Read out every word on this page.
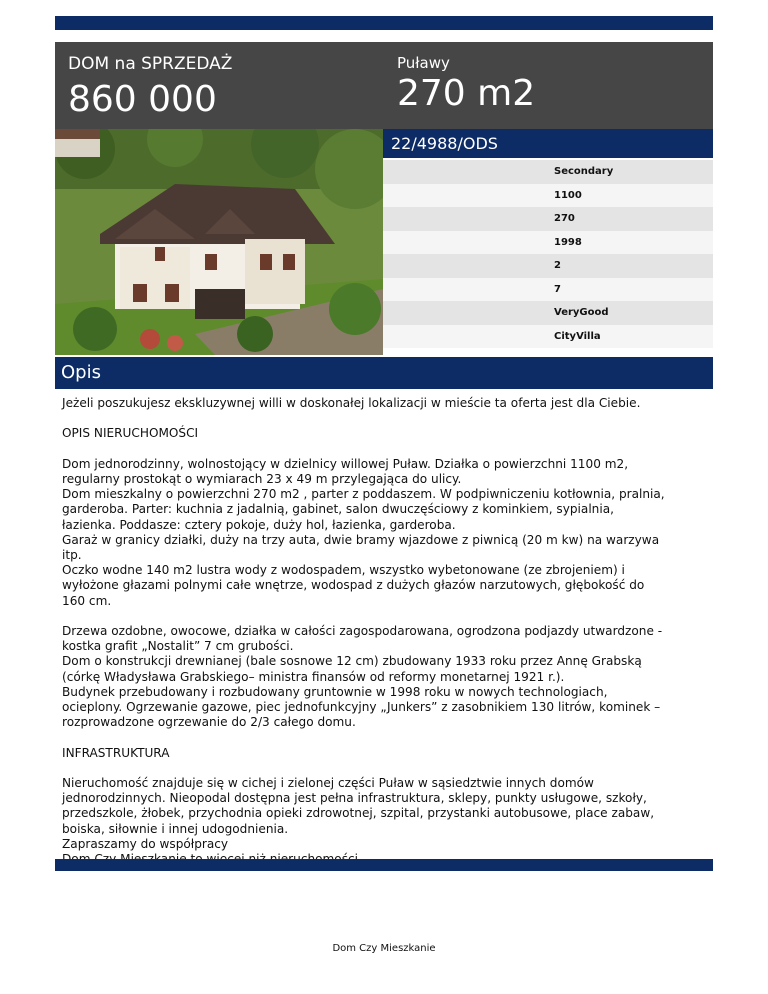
DOM na SPRZEDAŻ
860 000
Puławy
270 m2
22/4988/ODS
Secondary
1100
270
1998
2
7
VeryGood
CityVilla
Opis

Jeżeli poszukujesz ekskluzywnej willi w doskonałej lokalizacji w mieście ta oferta jest dla Ciebie.

OPIS NIERUCHOMOŚCI

Dom jednorodzinny, wolnostojący w dzielnicy willowej Puław. Działka o powierzchni 1100 m2,

regularny prostokąt o wymiarach 23 x 49 m przylegająca do ulicy.

Dom mieszkalny o powierzchni 270 m2 , parter z poddaszem. W podpiwniczeniu kotłownia, pralnia,

garderoba. Parter: kuchnia z jadalnią, gabinet, salon dwuczęściowy z kominkiem, sypialnia,

łazienka. Poddasze: cztery pokoje, duży hol, łazienka, garderoba.

Garaż w granicy działki, duży na trzy auta, dwie bramy wjazdowe z piwnicą (20 m kw) na warzywa

itp.

Oczko wodne 140 m2 lustra wody z wodospadem, wszystko wybetonowane (ze zbrojeniem) i

wyłożone głazami polnymi całe wnętrze, wodospad z dużych głazów narzutowych, głębokość do

160 cm.

Drzewa ozdobne, owocowe, działka w całości zagospodarowana, ogrodzona podjazdy utwardzone -

kostka grafit „Nostalit” 7 cm grubości.

Dom o konstrukcji drewnianej (bale sosnowe 12 cm) zbudowany 1933 roku przez Annę Grabską

(córkę Władysława Grabskiego– ministra finansów od reformy monetarnej 1921 r.).

Budynek przebudowany i rozbudowany gruntownie w 1998 roku w nowych technologiach,

ocieplony. Ogrzewanie gazowe, piec jednofunkcyjny „Junkers” z zasobnikiem 130 litrów, kominek –

rozprowadzone ogrzewanie do 2/3 całego domu.

INFRASTRUKTURA

Nieruchomość znajduje się w cichej i zielonej części Puław w sąsiedztwie innych domów

jednorodzinnych. Nieopodal dostępna jest pełna infrastruktura, sklepy, punkty usługowe, szkoły,

przedszkole, żłobek, przychodnia opieki zdrowotnej, szpital, przystanki autobusowe, place zabaw,

boiska, siłownie i innej udogodnienia.

Zapraszamy do współpracy

Dom Czy Mieszkanie
